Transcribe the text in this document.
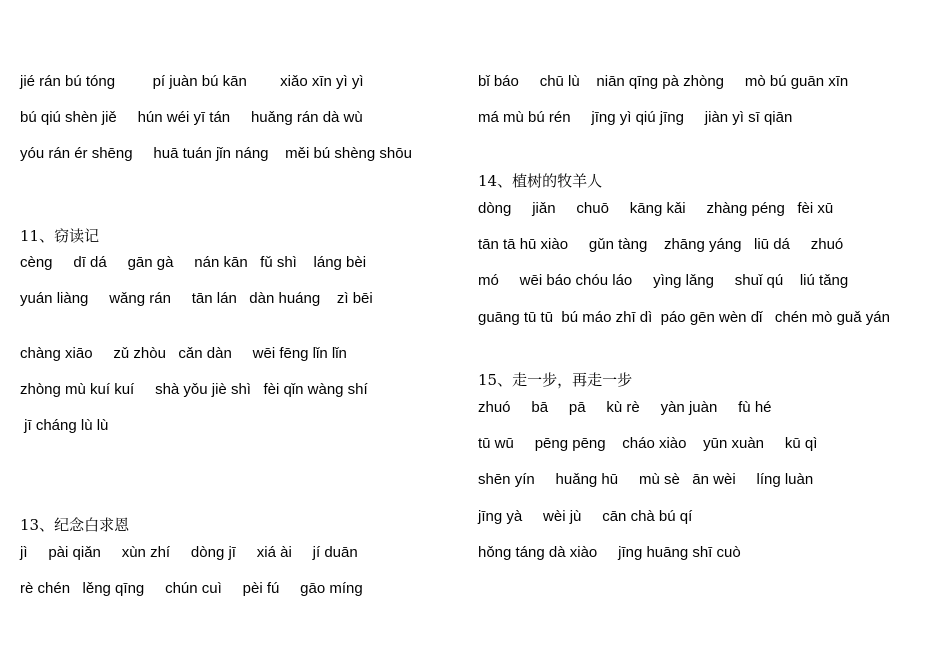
jié rán bú tóng         pí juàn bú kān        xiǎo xīn yì yì
bú qiú shèn jiě     hún wéi yī tán     huǎng rán dà wù
yóu rán ér shēng     huā tuán jǐn náng    měi bú shèng shōu
11、窃读记
cèng     dī dá     gān gà     nán kān   fǔ shì    láng bèi
yuán liàng     wǎng rán     tān lán   dàn huáng    zì bēi
chàng xiāo     zǔ zhòu   cǎn dàn     wēi fēng lǐn lǐn
zhòng mù kuí kuí     shà yǒu jiè shì   fèi qǐn wàng shí
jī cháng lù lù
13、纪念白求恩
jì     pài qiǎn     xùn zhí     dòng jī     xiá ài     jí duān
rè chén   lěng qīng     chún cuì     pèi fú     gāo míng
bǐ báo     chū lù    niān qīng pà zhòng     mò bú guān xīn
má mù bú rén     jīng yì qiú jīng     jiàn yì sī qiān
14、植树的牧羊人
dòng     jiǎn     chuō     kāng kǎi     zhàng péng   fèi xū
tān tā hū xiào     gǔn tàng    zhāng yáng   liū dá     zhuó
mó     wēi báo chóu láo     yìng lǎng     shuǐ qú    liú tǎng
guāng tū tū  bú máo zhī dì  páo gēn wèn dǐ   chén mò guǎ yán
15、走一步，再走一步
zhuó     bā     pā     kù rè     yàn juàn     fù hé
tū wū     pēng pēng    cháo xiào    yūn xuàn     kū qì
shēn yín     huǎng hū     mù sè   ān wèi     líng luàn
jīng yà     wèi jù     cān chà bú qí
hǒng táng dà xiào     jīng huāng shī cuò
